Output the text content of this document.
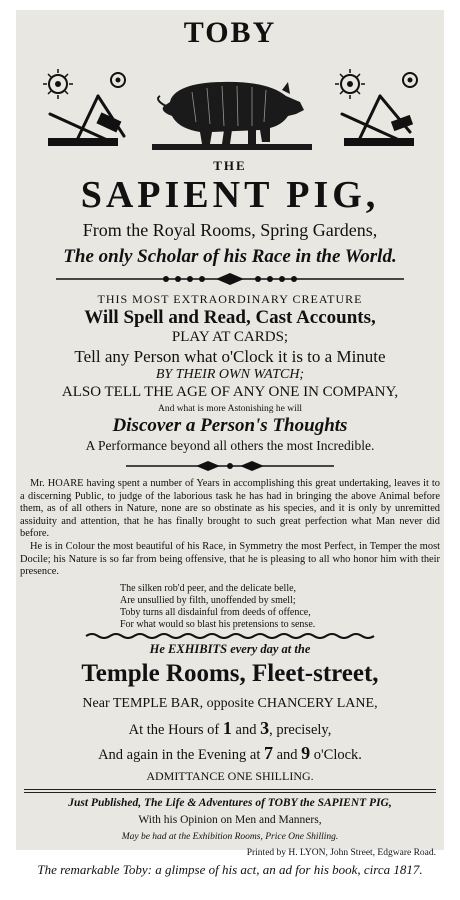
TOBY
THE
SAPIENT PIG,
From the Royal Rooms, Spring Gardens,
The only Scholar of his Race in the World.
THIS MOST EXTRAORDINARY CREATURE
Will Spell and Read, Cast Accounts,
PLAY AT CARDS;
Tell any Person what o'Clock it is to a Minute
BY THEIR OWN WATCH;
ALSO TELL THE AGE OF ANY ONE IN COMPANY,
And what is more Astonishing he will
Discover a Person's Thoughts
A Performance beyond all others the most Incredible.

Mr. HOARE having spent a number of Years in accomplishing this great undertaking, leaves it to a discerning Public, to judge of the laborious task he has had in bringing the above Animal before them, as of all others in Nature, none are so obstinate as his species, and it is only by unremitted assiduity and attention, that he has finally brought to such great perfection what Man never did before.

He is in Colour the most beautiful of his Race, in Symmetry the most Perfect, in Temper the most Docile; his Nature is so far from being offensive, that he is pleasing to all who honor him with their presence.

The silken rob'd peer, and the delicate belle,
Are unsullied by filth, unoffended by smell;
Toby turns all disdainful from deeds of offence,
For what would so blast his pretensions to sense.
He EXHIBITS every day at the
Temple Rooms, Fleet-street,
Near TEMPLE BAR, opposite CHANCERY LANE,
At the Hours of 1 and 3, precisely,
And again in the Evening at 7 and 9 o'Clock.
ADMITTANCE ONE SHILLING.
Just Published, The Life & Adventures of TOBY the SAPIENT PIG,
With his Opinion on Men and Manners,
May be had at the Exhibition Rooms, Price One Shilling.
Printed by H. LYON, John Street, Edgware Road.
The remarkable Toby: a glimpse of his act, an ad for his book, circa 1817.
